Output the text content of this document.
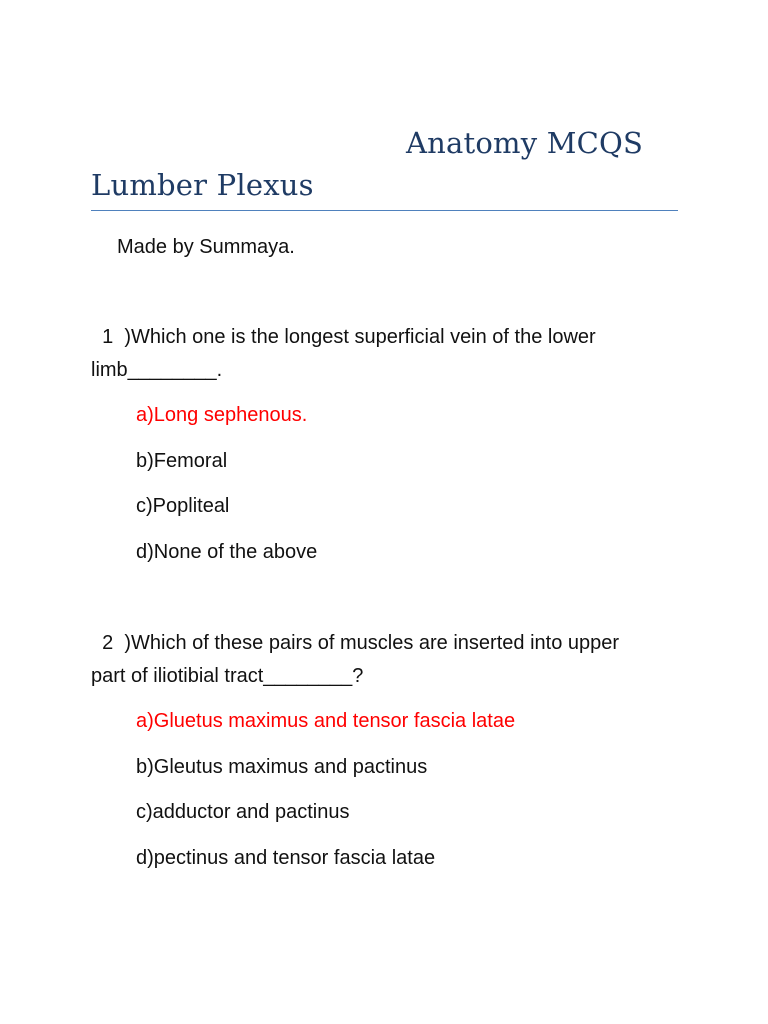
Anatomy MCQS
Lumber Plexus
Made by Summaya.
1  )Which one is the longest superficial vein of the lower
limb________.
a)Long sephenous.
b)Femoral
c)Popliteal
d)None of the above
2  )Which of these pairs of muscles are inserted into upper
part of iliotibial tract________?
a)Gluetus maximus and tensor fascia latae
b)Gleutus maximus and pactinus
c)adductor and pactinus
d)pectinus and tensor fascia latae
